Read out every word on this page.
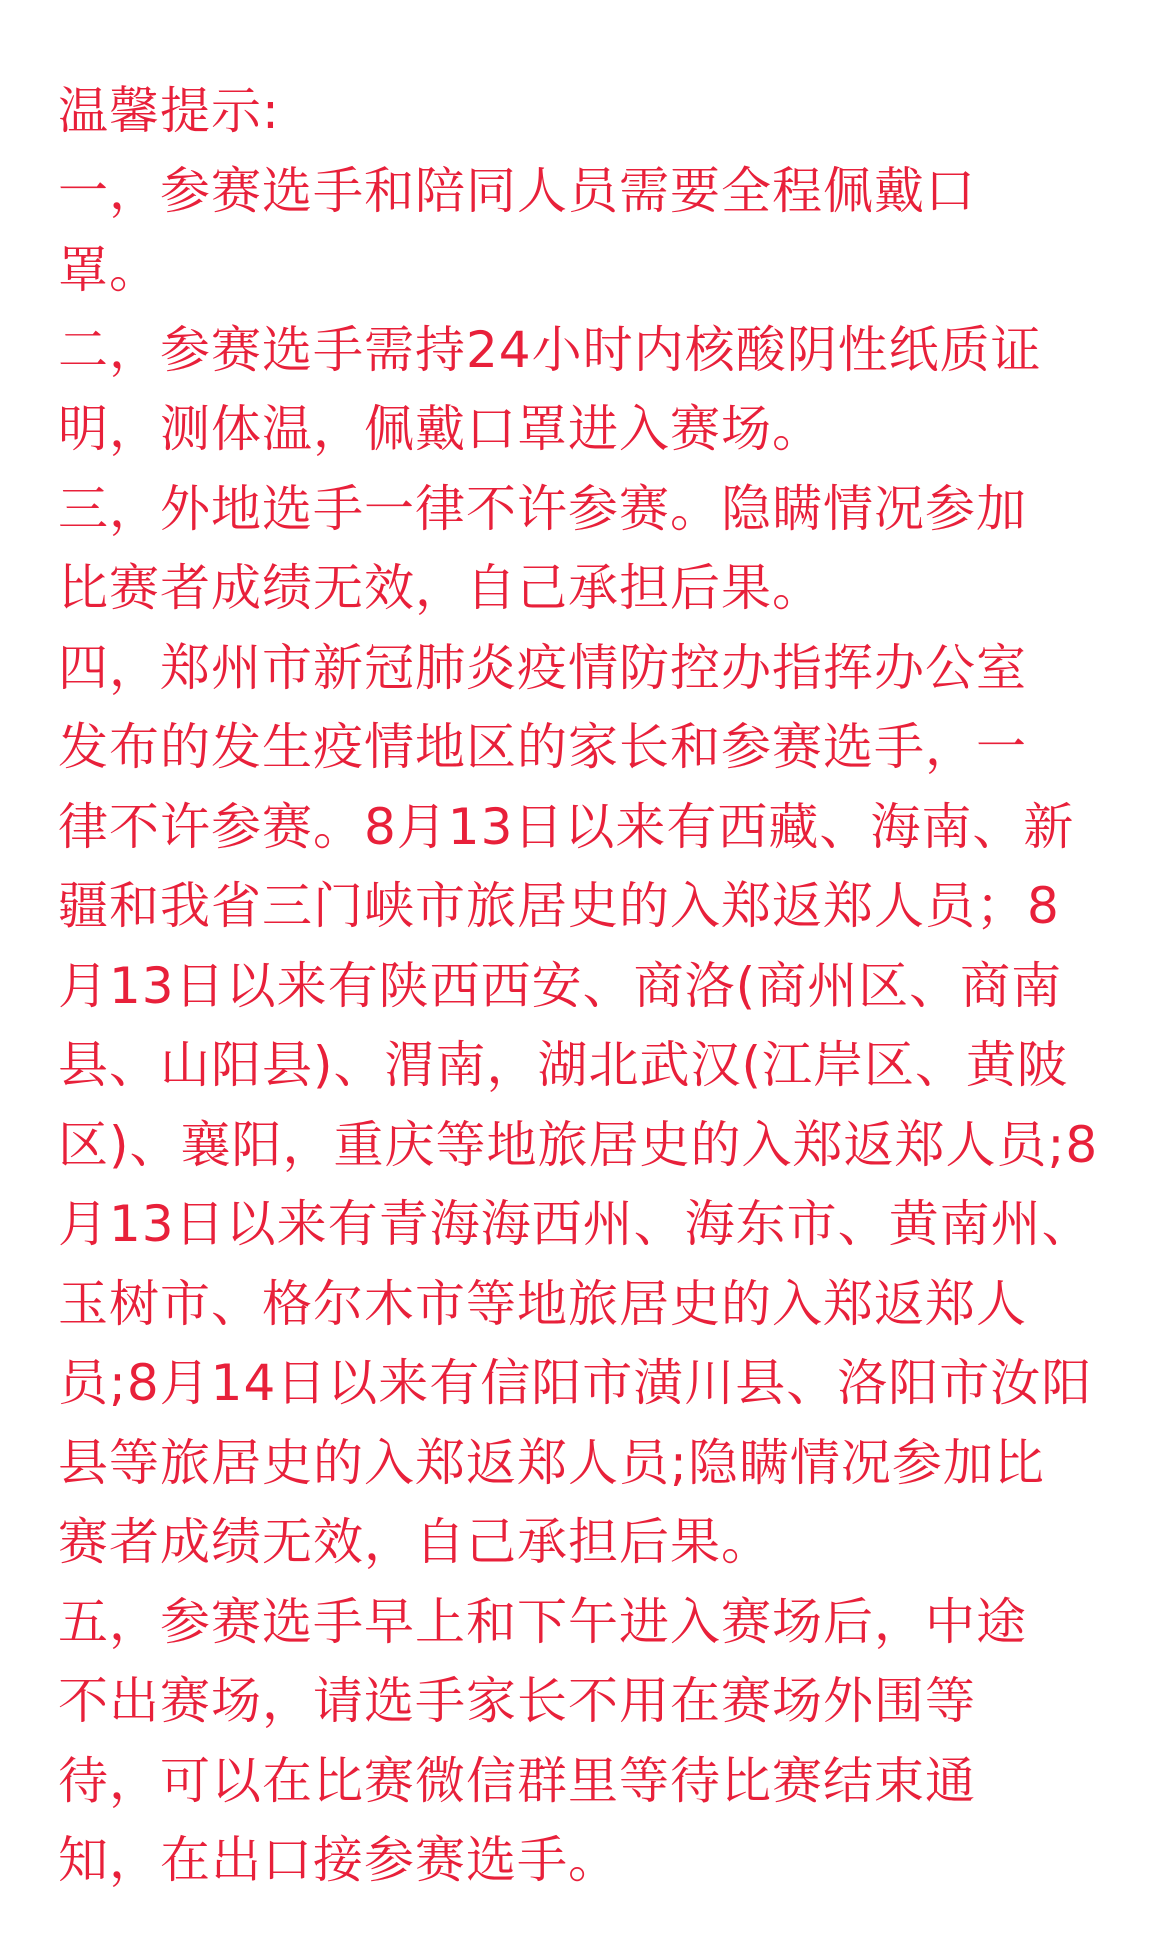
温馨提示:
一，参赛选手和陪同人员需要全程佩戴口
罩。
二，参赛选手需持24小时内核酸阴性纸质证
明，测体温，佩戴口罩进入赛场。
三，外地选手一律不许参赛。隐瞒情况参加
比赛者成绩无效，自己承担后果。
四，郑州市新冠肺炎疫情防控办指挥办公室
发布的发生疫情地区的家长和参赛选手，一
律不许参赛。8月13日以来有西藏、海南、新
疆和我省三门峡市旅居史的入郑返郑人员；8
月13日以来有陕西西安、商洛(商州区、商南
县、山阳县)、渭南，湖北武汉(江岸区、黄陂
区)、襄阳，重庆等地旅居史的入郑返郑人员;8
月13日以来有青海海西州、海东市、黄南州、
玉树市、格尔木市等地旅居史的入郑返郑人
员;8月14日以来有信阳市潢川县、洛阳市汝阳
县等旅居史的入郑返郑人员;隐瞒情况参加比
赛者成绩无效，自己承担后果。
五，参赛选手早上和下午进入赛场后，中途
不出赛场，请选手家长不用在赛场外围等
待，可以在比赛微信群里等待比赛结束通
知，在出口接参赛选手。
